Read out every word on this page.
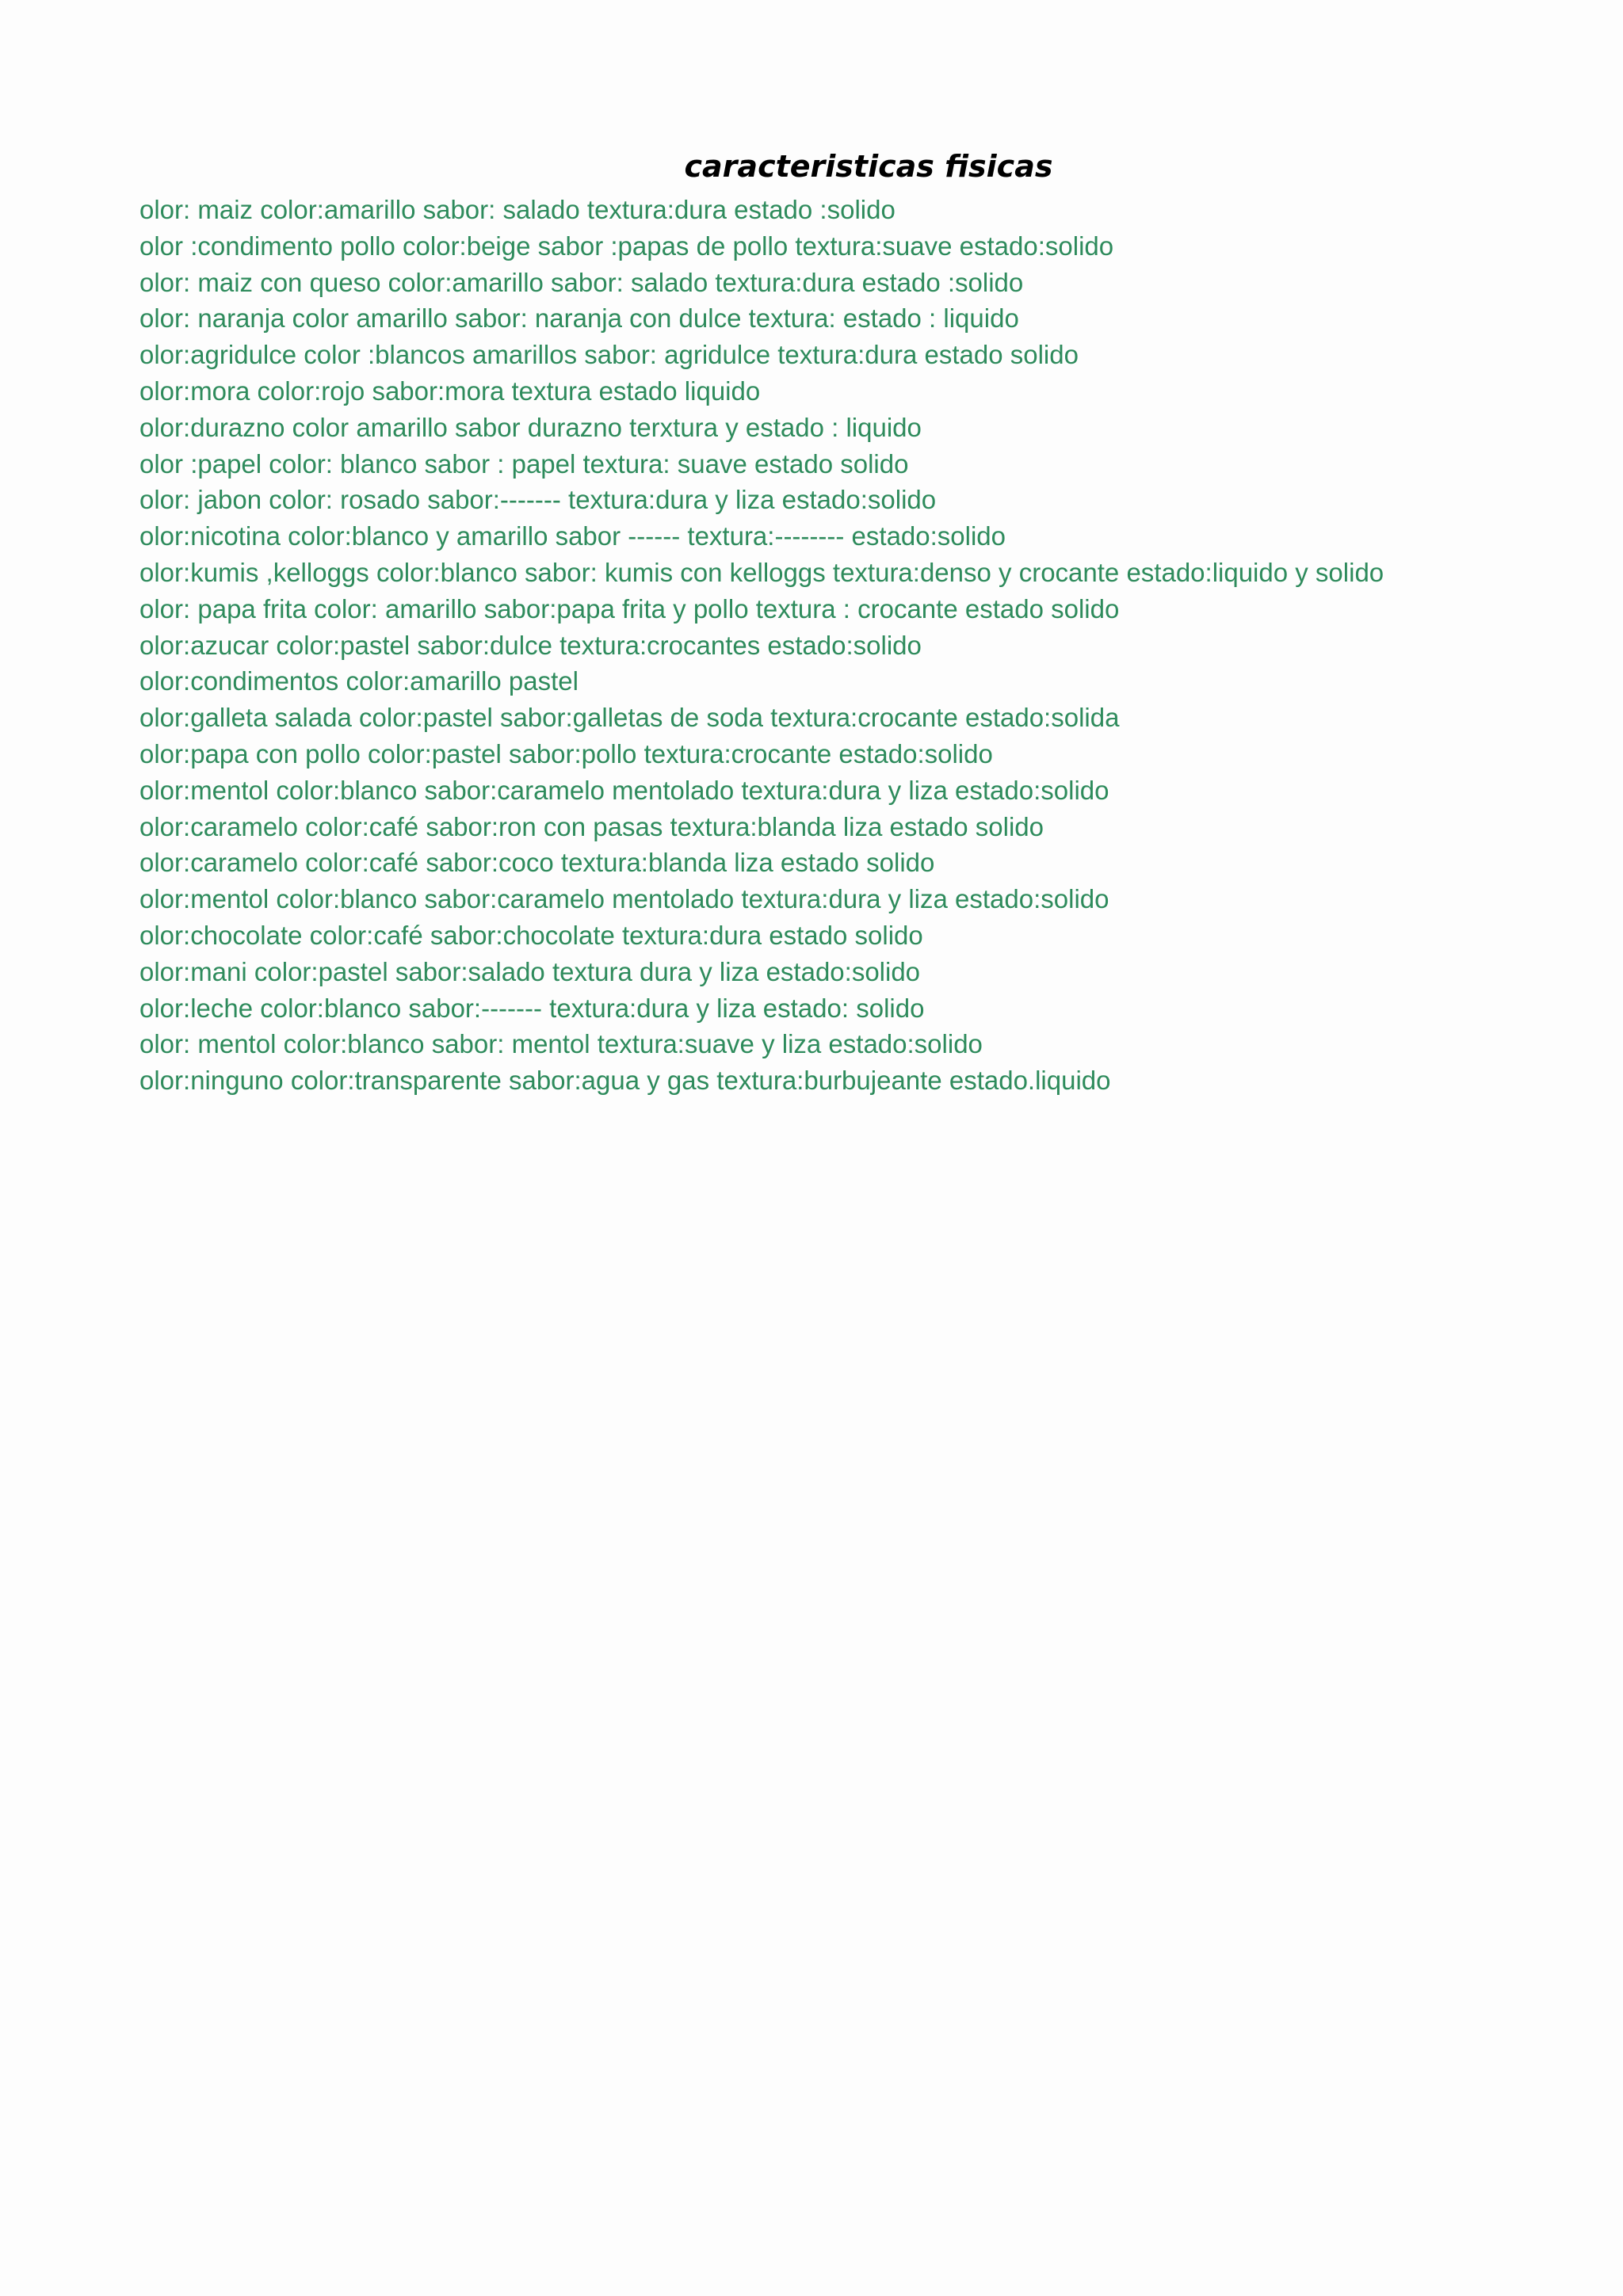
caracteristicas fisicas
olor: maiz color:amarillo sabor: salado textura:dura estado :solido
olor :condimento pollo color:beige sabor :papas de pollo textura:suave estado:solido
olor: maiz con queso color:amarillo sabor: salado textura:dura estado :solido
olor: naranja color amarillo sabor: naranja con dulce textura: estado : liquido
olor:agridulce color :blancos amarillos sabor: agridulce textura:dura estado solido
olor:mora color:rojo sabor:mora textura estado liquido
olor:durazno color amarillo sabor durazno terxtura y estado : liquido
olor :papel color: blanco sabor : papel textura: suave estado solido
olor: jabon color: rosado sabor:------- textura:dura y liza estado:solido
olor:nicotina color:blanco y amarillo sabor ------ textura:-------- estado:solido
olor:kumis ,kelloggs color:blanco sabor: kumis con kelloggs textura:denso y crocante estado:liquido y solido
olor: papa frita color: amarillo sabor:papa frita y pollo textura : crocante estado solido
olor:azucar color:pastel sabor:dulce textura:crocantes estado:solido
olor:condimentos color:amarillo pastel
olor:galleta salada color:pastel sabor:galletas de soda textura:crocante estado:solida
olor:papa con pollo color:pastel sabor:pollo textura:crocante estado:solido
olor:mentol color:blanco sabor:caramelo mentolado textura:dura y liza estado:solido
olor:caramelo color:café sabor:ron con pasas textura:blanda liza estado solido
olor:caramelo color:café sabor:coco textura:blanda liza estado solido
olor:mentol color:blanco sabor:caramelo mentolado textura:dura y liza estado:solido
olor:chocolate color:café sabor:chocolate textura:dura estado solido
olor:mani color:pastel sabor:salado textura dura y liza estado:solido
olor:leche color:blanco sabor:------- textura:dura y liza estado: solido
olor: mentol color:blanco sabor: mentol textura:suave y liza estado:solido
olor:ninguno color:transparente sabor:agua y gas textura:burbujeante estado.liquido
